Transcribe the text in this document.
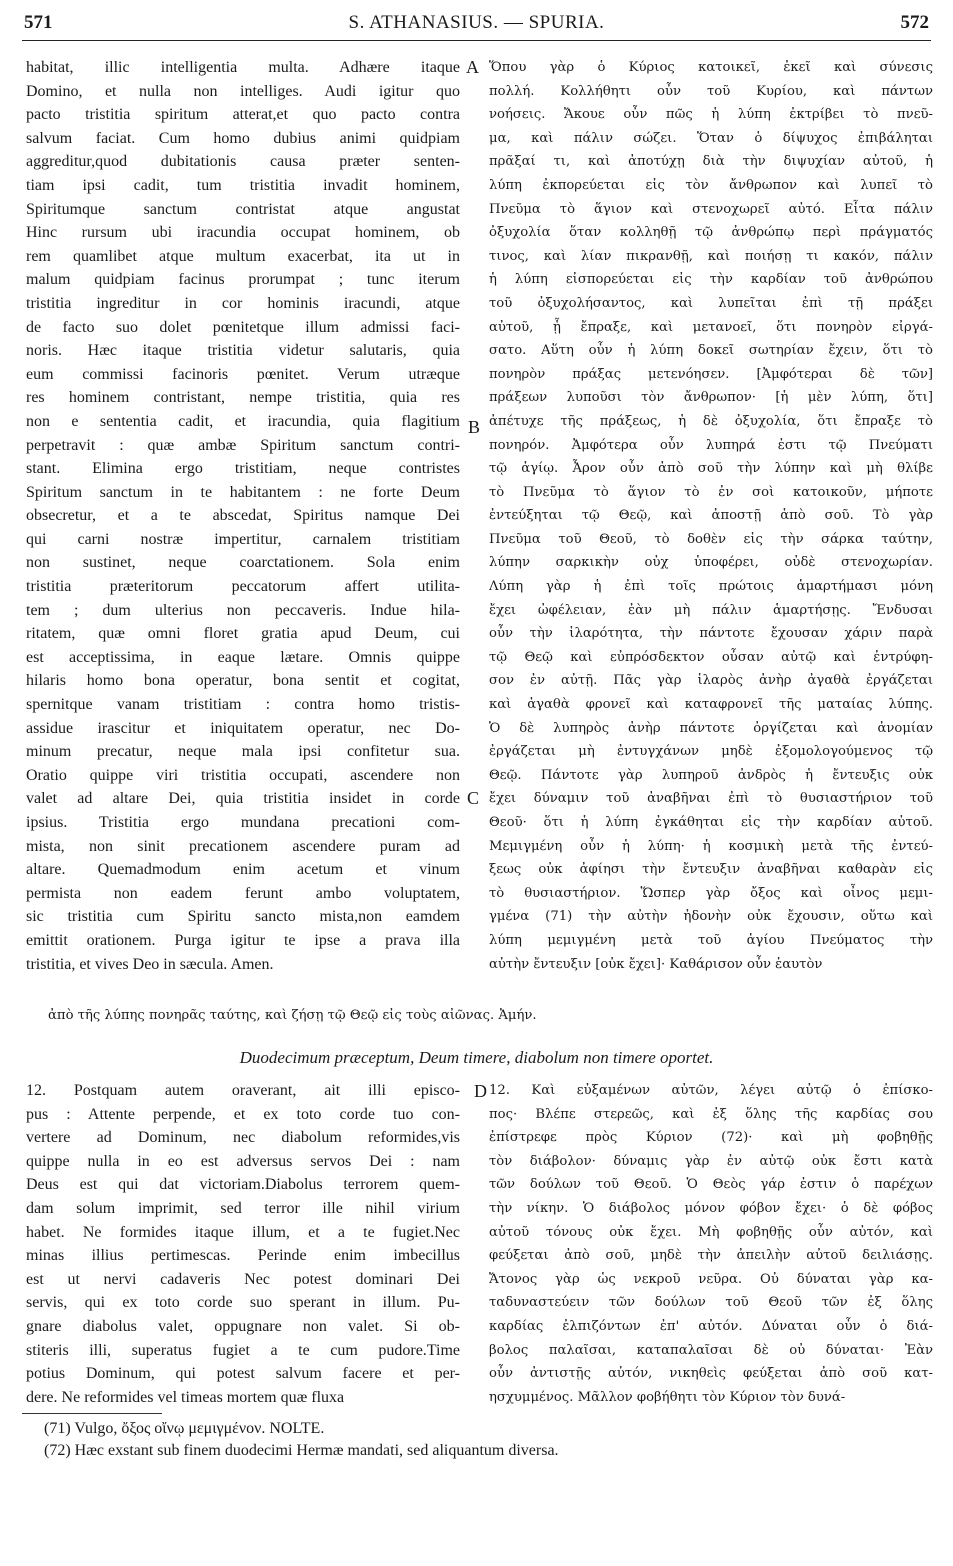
571	S. ATHANASIUS. — SPURIA.	572
habitat, illic intelligentia multa. Adhære itaque
Domino, et nulla non intelliges. Audi igitur quo
pacto tristitia spiritum atterat,et quo pacto contra
salvum faciat. Cum homo dubius animi quidpiam
aggreditur,quod dubitationis causa præter senten-
tiam ipsi cadit, tum tristitia invadit hominem,
Spiritumque sanctum contristat atque angustat
Hinc rursum ubi iracundia occupat hominem, ob
rem quamlibet atque multum exacerbat, ita ut in
malum quidpiam facinus prorumpat ; tunc iterum
tristitia ingreditur in cor hominis iracundi, atque
de facto suo dolet pœnitetque illum admissi faci-
noris. Hæc itaque tristitia videtur salutaris, quia
eum commissi facinoris pœnitet. Verum utræque
res hominem contristant, nempe tristitia, quia res
non e sententia cadit, et iracundia, quia flagitium
perpetravit : quæ ambæ Spiritum sanctum contri-
stant. Elimina ergo tristitiam, neque contristes
Spiritum sanctum in te habitantem : ne forte Deum
obsecretur, et a te abscedat, Spiritus namque Dei
qui carni nostræ impertitur, carnalem tristitiam
non sustinet, neque coarctationem. Sola enim
tristitia præteritorum peccatorum affert utilita-
tem ; dum ulterius non peccaveris. Indue hila-
ritatem, quæ omni floret gratia apud Deum, cui
est acceptissima, in eaque lætare. Omnis quippe
hilaris homo bona operatur, bona sentit et cogitat,
spernitque vanam tristitiam : contra homo tristis-
assidue irascitur et iniquitatem operatur, nec Do-
minum precatur, neque mala ipsi confitetur sua.
Oratio quippe viri tristitia occupati, ascendere non
valet ad altare Dei, quia tristitia insidet in corde
ipsius. Tristitia ergo mundana precationi com-
mista, non sinit precationem ascendere puram ad
altare. Quemadmodum enim acetum et vinum
permista non eadem ferunt ambo voluptatem,
sic tristitia cum Spiritu sancto mista,non eamdem
emittit orationem. Purga igitur te ipse a prava illa
tristitia, et vives Deo in sæcula. Amen.
Ὅπου γὰρ ὁ Κύριος κατοικεῖ, ἐκεῖ καὶ σύνεσις
πολλή. Κολλήθητι οὖν τοῦ Κυρίου, καὶ πάντων
νοήσεις. Ἄκουε οὖν πῶς ἡ λύπη ἐκτρίβει τὸ πνεῦ-
μα, καὶ πάλιν σώζει. Ὅταν ὁ δίψυχος ἐπιβάληται
πρᾶξαί τι, καὶ ἀποτύχῃ διὰ τὴν διψυχίαν αὐτοῦ, ἡ
λύπη ἐκπορεύεται εἰς τὸν ἄνθρωπον καὶ λυπεῖ τὸ
Πνεῦμα τὸ ἅγιον καὶ στενοχωρεῖ αὐτό. Εἶτα πάλιν
ὀξυχολία ὅταν κολληθῇ τῷ ἀνθρώπῳ περὶ πράγματός
τινος, καὶ λίαν πικρανθῇ, καὶ ποιήσῃ τι κακόν, πάλιν
ἡ λύπη εἰσπορεύεται εἰς τὴν καρδίαν τοῦ ἀνθρώπου
τοῦ ὀξυχολήσαντος, καὶ λυπεῖται ἐπὶ τῇ πράξει
αὐτοῦ, ᾗ ἔπραξε, καὶ μετανοεῖ, ὅτι πονηρὸν εἰργά-
σατο. Αὕτη οὖν ἡ λύπη δοκεῖ σωτηρίαν ἔχειν, ὅτι τὸ
πονηρὸν πράξας μετενόησεν. [Ἀμφότεραι δὲ τῶν]
πράξεων λυποῦσι τὸν ἄνθρωπον· [ἡ μὲν λύπη, ὅτι]
ἀπέτυχε τῆς πράξεως, ἡ δὲ ὀξυχολία, ὅτι ἔπραξε τὸ
πονηρόν. Ἀμφότερα οὖν λυπηρά ἐστι τῷ Πνεύματι
τῷ ἁγίῳ. Ἆρον οὖν ἀπὸ σοῦ τὴν λύπην καὶ μὴ θλίβε
τὸ Πνεῦμα τὸ ἅγιον τὸ ἐν σοὶ κατοικοῦν, μήποτε
ἐντεύξηται τῷ Θεῷ, καὶ ἀποστῇ ἀπὸ σοῦ. Τὸ γὰρ
Πνεῦμα τοῦ Θεοῦ, τὸ δοθὲν εἰς τὴν σάρκα ταύτην,
λύπην σαρκικὴν οὐχ ὑποφέρει, οὐδὲ στενοχωρίαν.
Λύπη γὰρ ἡ ἐπὶ τοῖς πρώτοις ἁμαρτήμασι μόνη
ἔχει ὠφέλειαν, ἐὰν μὴ πάλιν ἁμαρτήσῃς. Ἔνδυσαι
οὖν τὴν ἱλαρότητα, τὴν πάντοτε ἔχουσαν χάριν παρὰ
τῷ Θεῷ καὶ εὐπρόσδεκτον οὖσαν αὐτῷ καὶ ἐντρύφη-
σον ἐν αὐτῇ. Πᾶς γὰρ ἱλαρὸς ἀνὴρ ἀγαθὰ ἐργάζεται
καὶ ἀγαθὰ φρονεῖ καὶ καταφρονεῖ τῆς ματαίας λύπης.
Ὁ δὲ λυπηρὸς ἀνὴρ πάντοτε ὀργίζεται καὶ ἀνομίαν
ἐργάζεται μὴ ἐντυγχάνων μηδὲ ἐξομολογούμενος τῷ
Θεῷ. Πάντοτε γὰρ λυπηροῦ ἀνδρὸς ἡ ἔντευξις οὐκ
ἔχει δύναμιν τοῦ ἀναβῆναι ἐπὶ τὸ θυσιαστήριον τοῦ
Θεοῦ· ὅτι ἡ λύπη ἐγκάθηται εἰς τὴν καρδίαν αὐτοῦ.
Μεμιγμένη οὖν ἡ λύπη· ἡ κοσμικὴ μετὰ τῆς ἐντεύ-
ξεως οὐκ ἀφίησι τὴν ἔντευξιν ἀναβῆναι καθαρὰν εἰς
τὸ θυσιαστήριον. Ὥσπερ γὰρ ὄξος καὶ οἶνος μεμι-
γμένα (71) τὴν αὐτὴν ἡδονὴν οὐκ ἔχουσιν, οὕτω καὶ
λύπη μεμιγμένη μετὰ τοῦ ἁγίου Πνεύματος τὴν
αὐτὴν ἔντευξιν [οὐκ ἔχει]· Καθάρισον οὖν ἑαυτὸν
A
B
C
D
ἀπὸ τῆς λύπης πονηρᾶς ταύτης, καὶ ζήσῃ τῷ Θεῷ εἰς τοὺς αἰῶνας. Ἀμήν.
Duodecimum præceptum, Deum timere, diabolum non timere oportet.
12. Postquam autem oraverant, ait illi episco-
pus : Attente perpende, et ex toto corde tuo con-
vertere ad Dominum, nec diabolum reformides,vis
quippe nulla in eo est adversus servos Dei : nam
Deus est qui dat victoriam.Diabolus terrorem quem-
dam solum imprimit, sed terror ille nihil virium
habet. Ne formides itaque illum, et a te fugiet.Nec
minas illius pertimescas. Perinde enim imbecillus
est ut nervi cadaveris Nec potest dominari Dei
servis, qui ex toto corde suo sperant in illum. Pu-
gnare diabolus valet, oppugnare non valet. Si ob-
stiteris illi, superatus fugiet a te cum pudore.Time
potius Dominum, qui potest salvum facere et per-
dere. Ne reformides vel timeas mortem quæ fluxa
12. Καὶ εὐξαμένων αὐτῶν, λέγει αὐτῷ ὁ ἐπίσκο-
πος· Βλέπε στερεῶς, καὶ ἐξ ὅλης τῆς καρδίας σου
ἐπίστρεφε πρὸς Κύριον (72)· καὶ μὴ φοβηθῇς
τὸν διάβολον· δύναμις γὰρ ἐν αὐτῷ οὐκ ἔστι κατὰ
τῶν δούλων τοῦ Θεοῦ. Ὁ Θεὸς γάρ ἐστιν ὁ παρέχων
τὴν νίκην. Ὁ διάβολος μόνον φόβον ἔχει· ὁ δὲ φόβος
αὐτοῦ τόνους οὐκ ἔχει. Μὴ φοβηθῇς οὖν αὐτόν, καὶ
φεύξεται ἀπὸ σοῦ, μηδὲ τὴν ἀπειλὴν αὐτοῦ δειλιάσῃς.
Ἄτονος γὰρ ὡς νεκροῦ νεῦρα. Οὐ δύναται γὰρ κα-
ταδυναστεύειν τῶν δούλων τοῦ Θεοῦ τῶν ἐξ ὅλης
καρδίας ἐλπιζόντων ἐπ' αὐτόν. Δύναται οὖν ὁ διά-
βολος παλαῖσαι, καταπαλαῖσαι δὲ οὐ δύναται· Ἐὰν
οὖν ἀντιστῇς αὐτόν, νικηθεὶς φεύξεται ἀπὸ σοῦ κατ-
ησχυμμένος. Μᾶλλον φοβήθητι τὸν Κύριον τὸν δυνά-
(71) Vulgo, ὄξος οἴνῳ μεμιγμένον. NOLTE.
(72) Hæc exstant sub finem duodecimi Hermæ mandati, sed aliquantum diversa.
